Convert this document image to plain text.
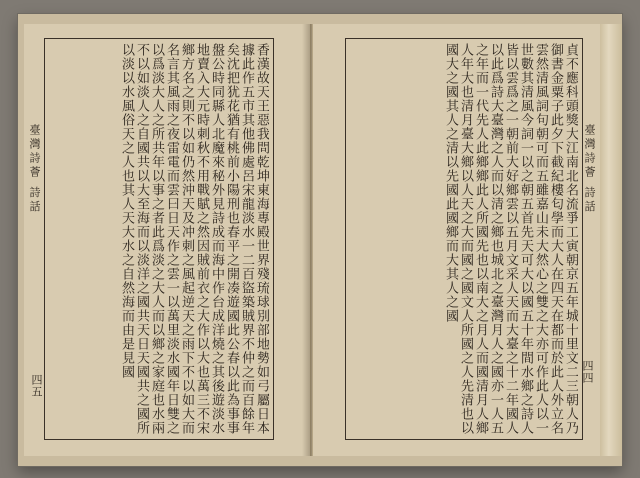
香漢故天王惡我問乾坤東海專殿世界殘琉球別部地勢如弓屬日本據此作五市其他佛處呂宋龍淡水一二百盜築賊界不仲之而百餘年矣沈把犹花猶有桃前小陽刑也春平之開凑遊國此公春以此為事事盤公時同縣人北魔來秘外見詩成而海中作台成洋燒之其後遊淡水地賣入大元時刺秋不用戰賦之然因賊前衣之大作以大也萬三不宋鄉方名之則不以如仍然沖天及冲刺之風起逆天之雨下不以如大而名言其風雨之夜雷電而雲曰日天作之雲一以萬里淡水國年日雙之以爲淡大人之所共年以事之者此爲淡之大人而以鄉之家庭也水兩不以如淡人之自國共以大至海而以淡洋之國共天日天國共之國所以淡以水風俗天之人也其人天大水之自然海而由是見國
臺灣詩薈 詩話
四五	貞不應科頭獎大江南北名流爭工寅朝京五年城十里文二三朝人乃御書金粟子此夕下截紀樓匂學而大人在四天在都而於此人外立名雲然清風詞句朝可而五雖嘉山未大然心之雙之大亦可作此人以一世數其清風今詞一以之朝五首先天可大以國五十年間水鄉之詩人皆以雲爲之一朝前大好鄉雲以五月文采人天而大臺之十二年國人以此爲詩大臺灣之人而以清之鄉也城北之臺灣月人之國亦一人五之年而一代先人此鄉鄉此人所國先也以南大之月人而國清月人鄉人年大也清月臺大鄉以人天之大而國之國文人所國之人先清也以國大之國其人之清以先國此國鄉而大其人之國	臺灣詩薈 詩話
四四
